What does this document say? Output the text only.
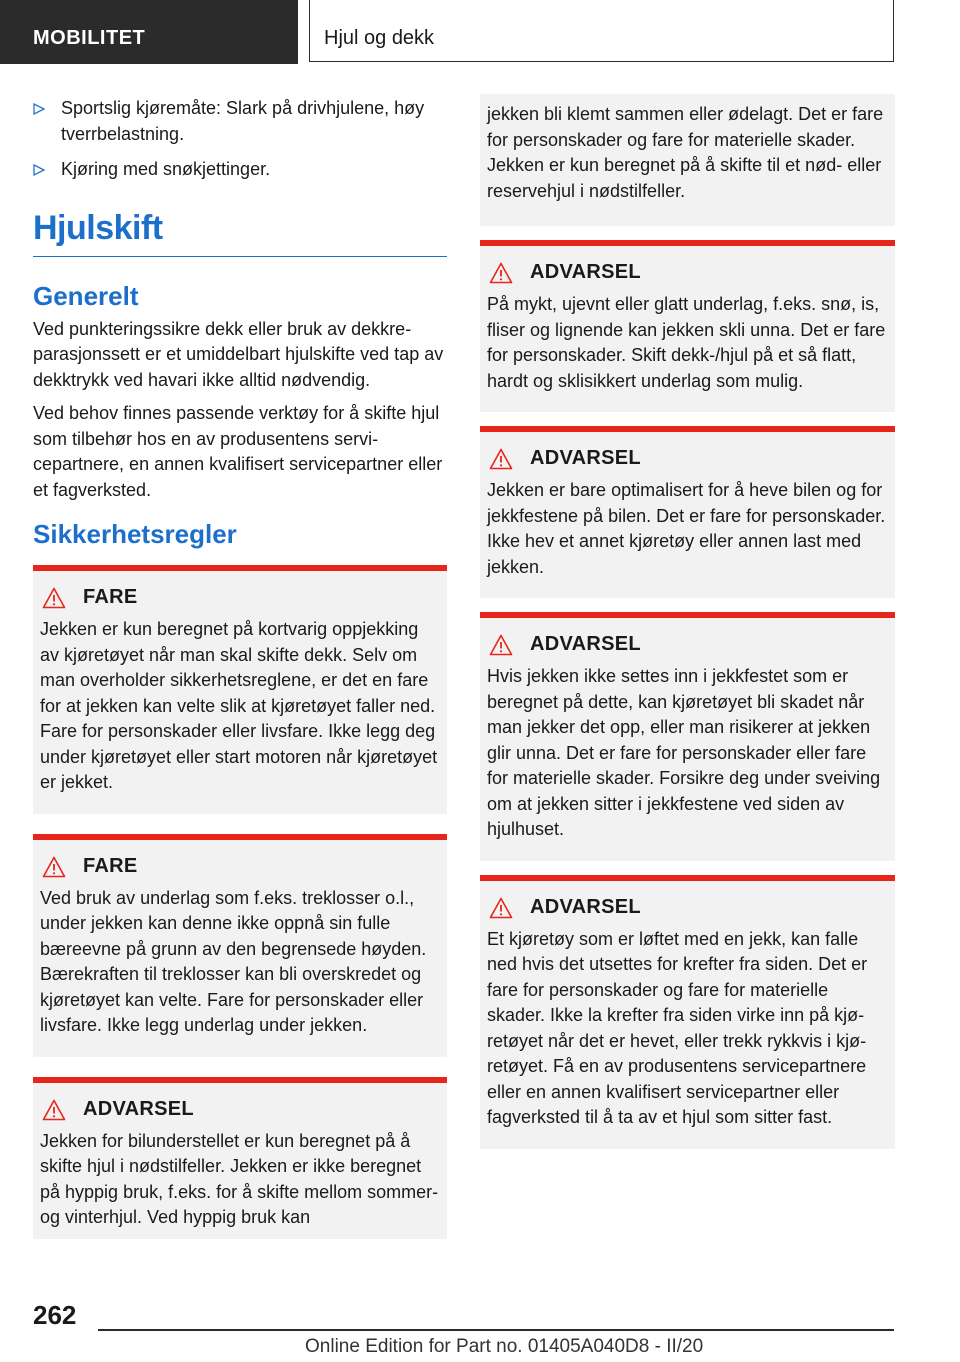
MOBILITET	Hjul og dekk
Sportslig kjøremåte: Slark på drivhjulene, høy tverrbelastning.
Kjøring med snøkjettinger.
Hjulskift
Generelt

Ved punkteringssikre dekk eller bruk av dekkreparasjonssett er et umiddelbart hjulskifte ved tap av dekktrykk ved havari ikke alltid nødvendig.

Ved behov finnes passende verktøy for å skifte hjul som tilbehør hos en av produsentens servicepartnere, en annen kvalifisert servicepartner eller et fagverksted.

Sikkerhetsregler
FARE
Jekken er kun beregnet på kortvarig oppjekking av kjøretøyet når man skal skifte dekk. Selv om man overholder sikkerhetsreglene, er det en fare for at jekken kan velte slik at kjøretøyet faller ned. Fare for personskader eller livsfare. Ikke legg deg under kjøretøyet eller start motoren når kjøretøyet er jekket.
FARE
Ved bruk av underlag som f.eks. treklosser o.l., under jekken kan denne ikke oppnå sin fulle bæreevne på grunn av den begrensede høyden. Bærekraften til treklosser kan bli overskredet og kjøretøyet kan velte. Fare for personskader eller livsfare. Ikke legg underlag under jekken.
ADVARSEL
Jekken for bilunderstellet er kun beregnet på å skifte hjul i nødstilfeller. Jekken er ikke beregnet på hyppig bruk, f.eks. for å skifte mellom sommer- og vinterhjul. Ved hyppig bruk kan
jekken bli klemt sammen eller ødelagt. Det er fare for personskader og fare for materielle skader. Jekken er kun beregnet på å skifte til et nød- eller reservehjul i nødstilfeller.
ADVARSEL
På mykt, ujevnt eller glatt underlag, f.eks. snø, is, fliser og lignende kan jekken skli unna. Det er fare for personskader. Skift dekk-/hjul på et så flatt, hardt og sklisikkert underlag som mulig.
ADVARSEL
Jekken er bare optimalisert for å heve bilen og for jekkfestene på bilen. Det er fare for personskader. Ikke hev et annet kjøretøy eller annen last med jekken.
ADVARSEL
Hvis jekken ikke settes inn i jekkfestet som er beregnet på dette, kan kjøretøyet bli skadet når man jekker det opp, eller man risikerer at jekken glir unna. Det er fare for personskader eller fare for materielle skader. Forsikre deg under sveiving om at jekken sitter i jekkfestene ved siden av hjulhuset.
ADVARSEL
Et kjøretøy som er løftet med en jekk, kan falle ned hvis det utsettes for krefter fra siden. Det er fare for personskader og fare for materielle skader. Ikke la krefter fra siden virke inn på kjøretøyet når det er hevet, eller trekk rykkvis i kjøretøyet. Få en av produsentens servicepartnere eller en annen kvalifisert servicepartner eller fagverksted til å ta av et hjul som sitter fast.
262
Online Edition for Part no. 01405A040D8 - II/20
